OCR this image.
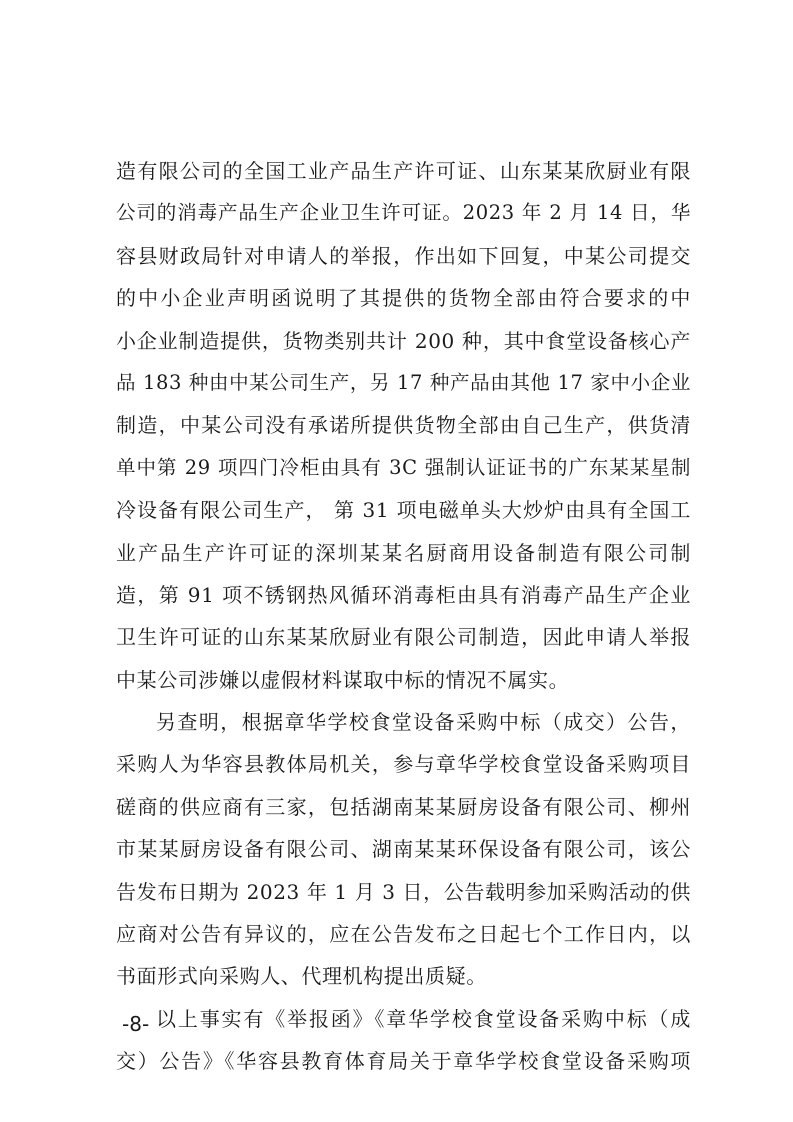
造有限公司的全国工业产品生产许可证、山东某某欣厨业有限
公司的消毒产品生产企业卫生许可证。2023 年 2 月 14 日，华
容县财政局针对申请人的举报，作出如下回复，中某公司提交
的中小企业声明函说明了其提供的货物全部由符合要求的中
小企业制造提供，货物类别共计 200 种，其中食堂设备核心产
品 183 种由中某公司生产，另 17 种产品由其他 17 家中小企业
制造，中某公司没有承诺所提供货物全部由自己生产，供货清
单中第 29 项四门冷柜由具有 3C 强制认证证书的广东某某星制
冷设备有限公司生产， 第 31 项电磁单头大炒炉由具有全国工
业产品生产许可证的深圳某某名厨商用设备制造有限公司制
造，第 91 项不锈钢热风循环消毒柜由具有消毒产品生产企业
卫生许可证的山东某某欣厨业有限公司制造，因此申请人举报
中某公司涉嫌以虚假材料谋取中标的情况不属实。
另查明，根据章华学校食堂设备采购中标（成交）公告，
采购人为华容县教体局机关，参与章华学校食堂设备采购项目
磋商的供应商有三家，包括湖南某某厨房设备有限公司、柳州
市某某厨房设备有限公司、湖南某某环保设备有限公司，该公
告发布日期为 2023 年 1 月 3 日，公告载明参加采购活动的供
应商对公告有异议的，应在公告发布之日起七个工作日内，以
书面形式向采购人、代理机构提出质疑。
以上事实有《举报函》《章华学校食堂设备采购中标（成
交）公告》《华容县教育体育局关于章华学校食堂设备采购项
-8-
